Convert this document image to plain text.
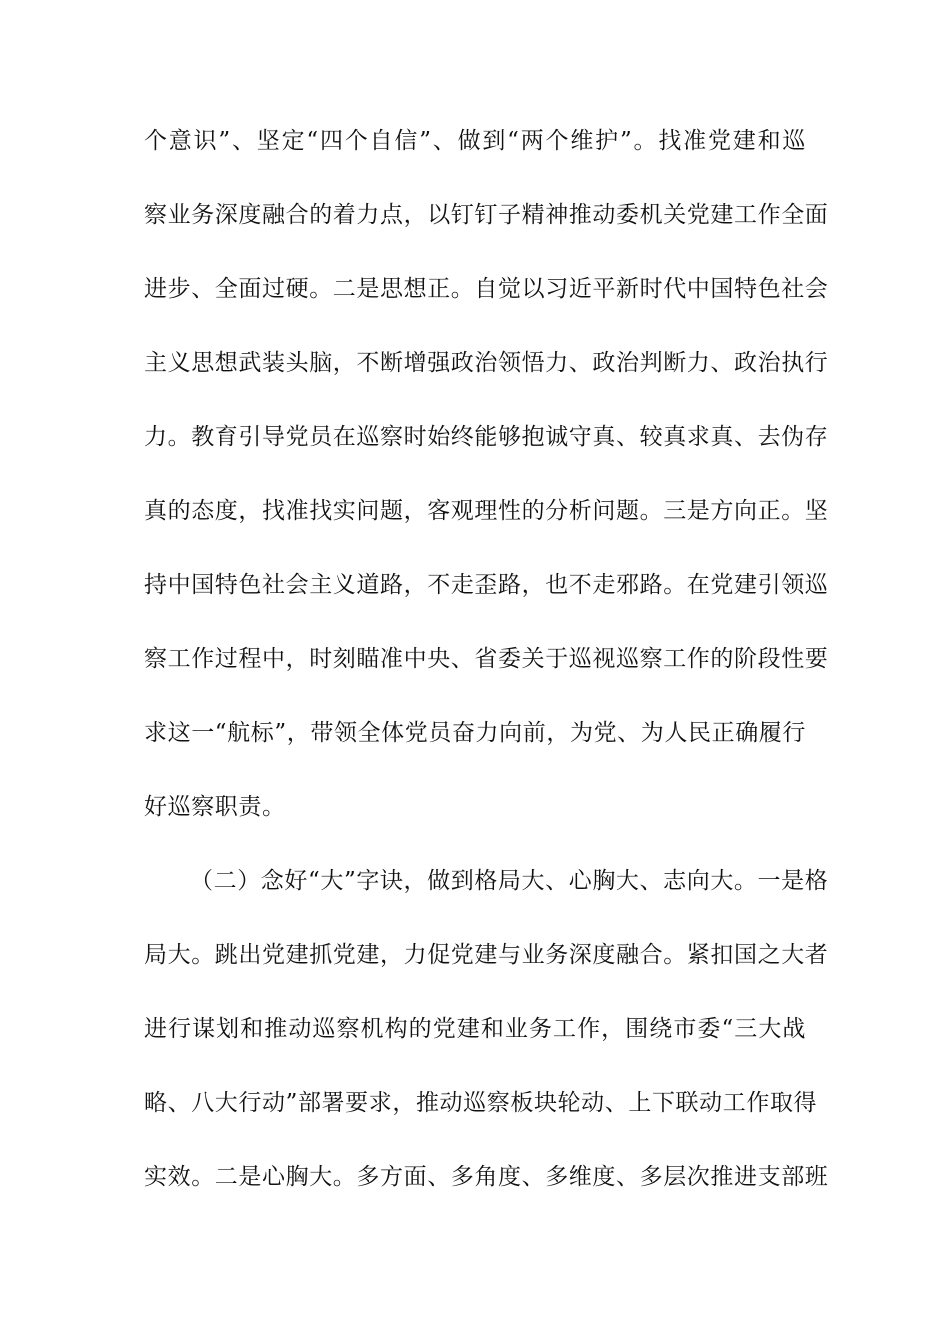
个意识”、坚定“四个自信”、做到“两个维护”。找准党建和巡
察业务深度融合的着力点，以钉钉子精神推动委机关党建工作全面
进步、全面过硬。二是思想正。自觉以习近平新时代中国特色社会
主义思想武装头脑，不断增强政治领悟力、政治判断力、政治执行
力。教育引导党员在巡察时始终能够抱诚守真、较真求真、去伪存
真的态度，找准找实问题，客观理性的分析问题。三是方向正。坚
持中国特色社会主义道路，不走歪路，也不走邪路。在党建引领巡
察工作过程中，时刻瞄准中央、省委关于巡视巡察工作的阶段性要
求这一“航标”，带领全体党员奋力向前，为党、为人民正确履行
好巡察职责。
（二）念好“大”字诀，做到格局大、心胸大、志向大。一是格
局大。跳出党建抓党建，力促党建与业务深度融合。紧扣国之大者
进行谋划和推动巡察机构的党建和业务工作，围绕市委“三大战
略、八大行动”部署要求，推动巡察板块轮动、上下联动工作取得
实效。二是心胸大。多方面、多角度、多维度、多层次推进支部班
